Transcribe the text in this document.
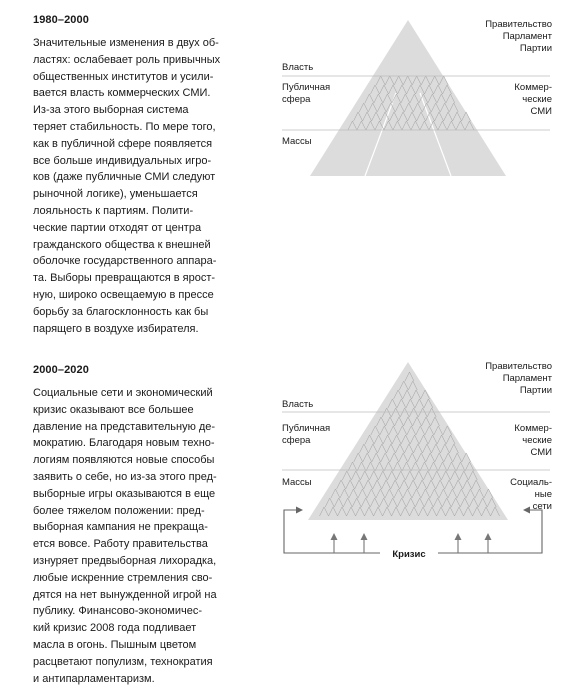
1980–2000
Значительные изменения в двух об-
ластях: ослабевает роль привычных
общественных институтов и усили-
вается власть коммерческих СМИ.
Из-за этого выборная система
теряет стабильность. По мере того,
как в публичной сфере появляется
все больше индивидуальных игро-
ков (даже публичные СМИ следуют
рыночной логике), уменьшается
лояльность к партиям. Полити-
ческие партии отходят от центра
гражданского общества к внешней
оболочке государственного аппара-
та. Выборы превращаются в ярост-
ную, широко освещаемую в прессе
борьбу за благосклонность как бы
парящего в воздухе избирателя.
Власть
Публичная
сфера
Массы
Правительство
Парламент
Партии
Коммер-
ческие
СМИ
2000–2020
Социальные сети и экономический
кризис оказывают все большее
давление на представительную де-
мократию. Благодаря новым техно-
логиям появляются новые способы
заявить о себе, но из-за этого пред-
выборные игры оказываются в еще
более тяжелом положении: пред-
выборная кампания не прекраща-
ется вовсе. Работу правительства
изнуряет предвыборная лихорадка,
любые искренние стремления сво-
дятся на нет вынужденной игрой на
публику. Финансово-экономичес-
кий кризис 2008 года подливает
масла в огонь. Пышным цветом
расцветают популизм, технократия
и антипарламентаризм.
Власть
Публичная
сфера
Массы
Правительство
Парламент
Партии
Коммер-
ческие
СМИ
Социаль-
ные
сети
Кризис
